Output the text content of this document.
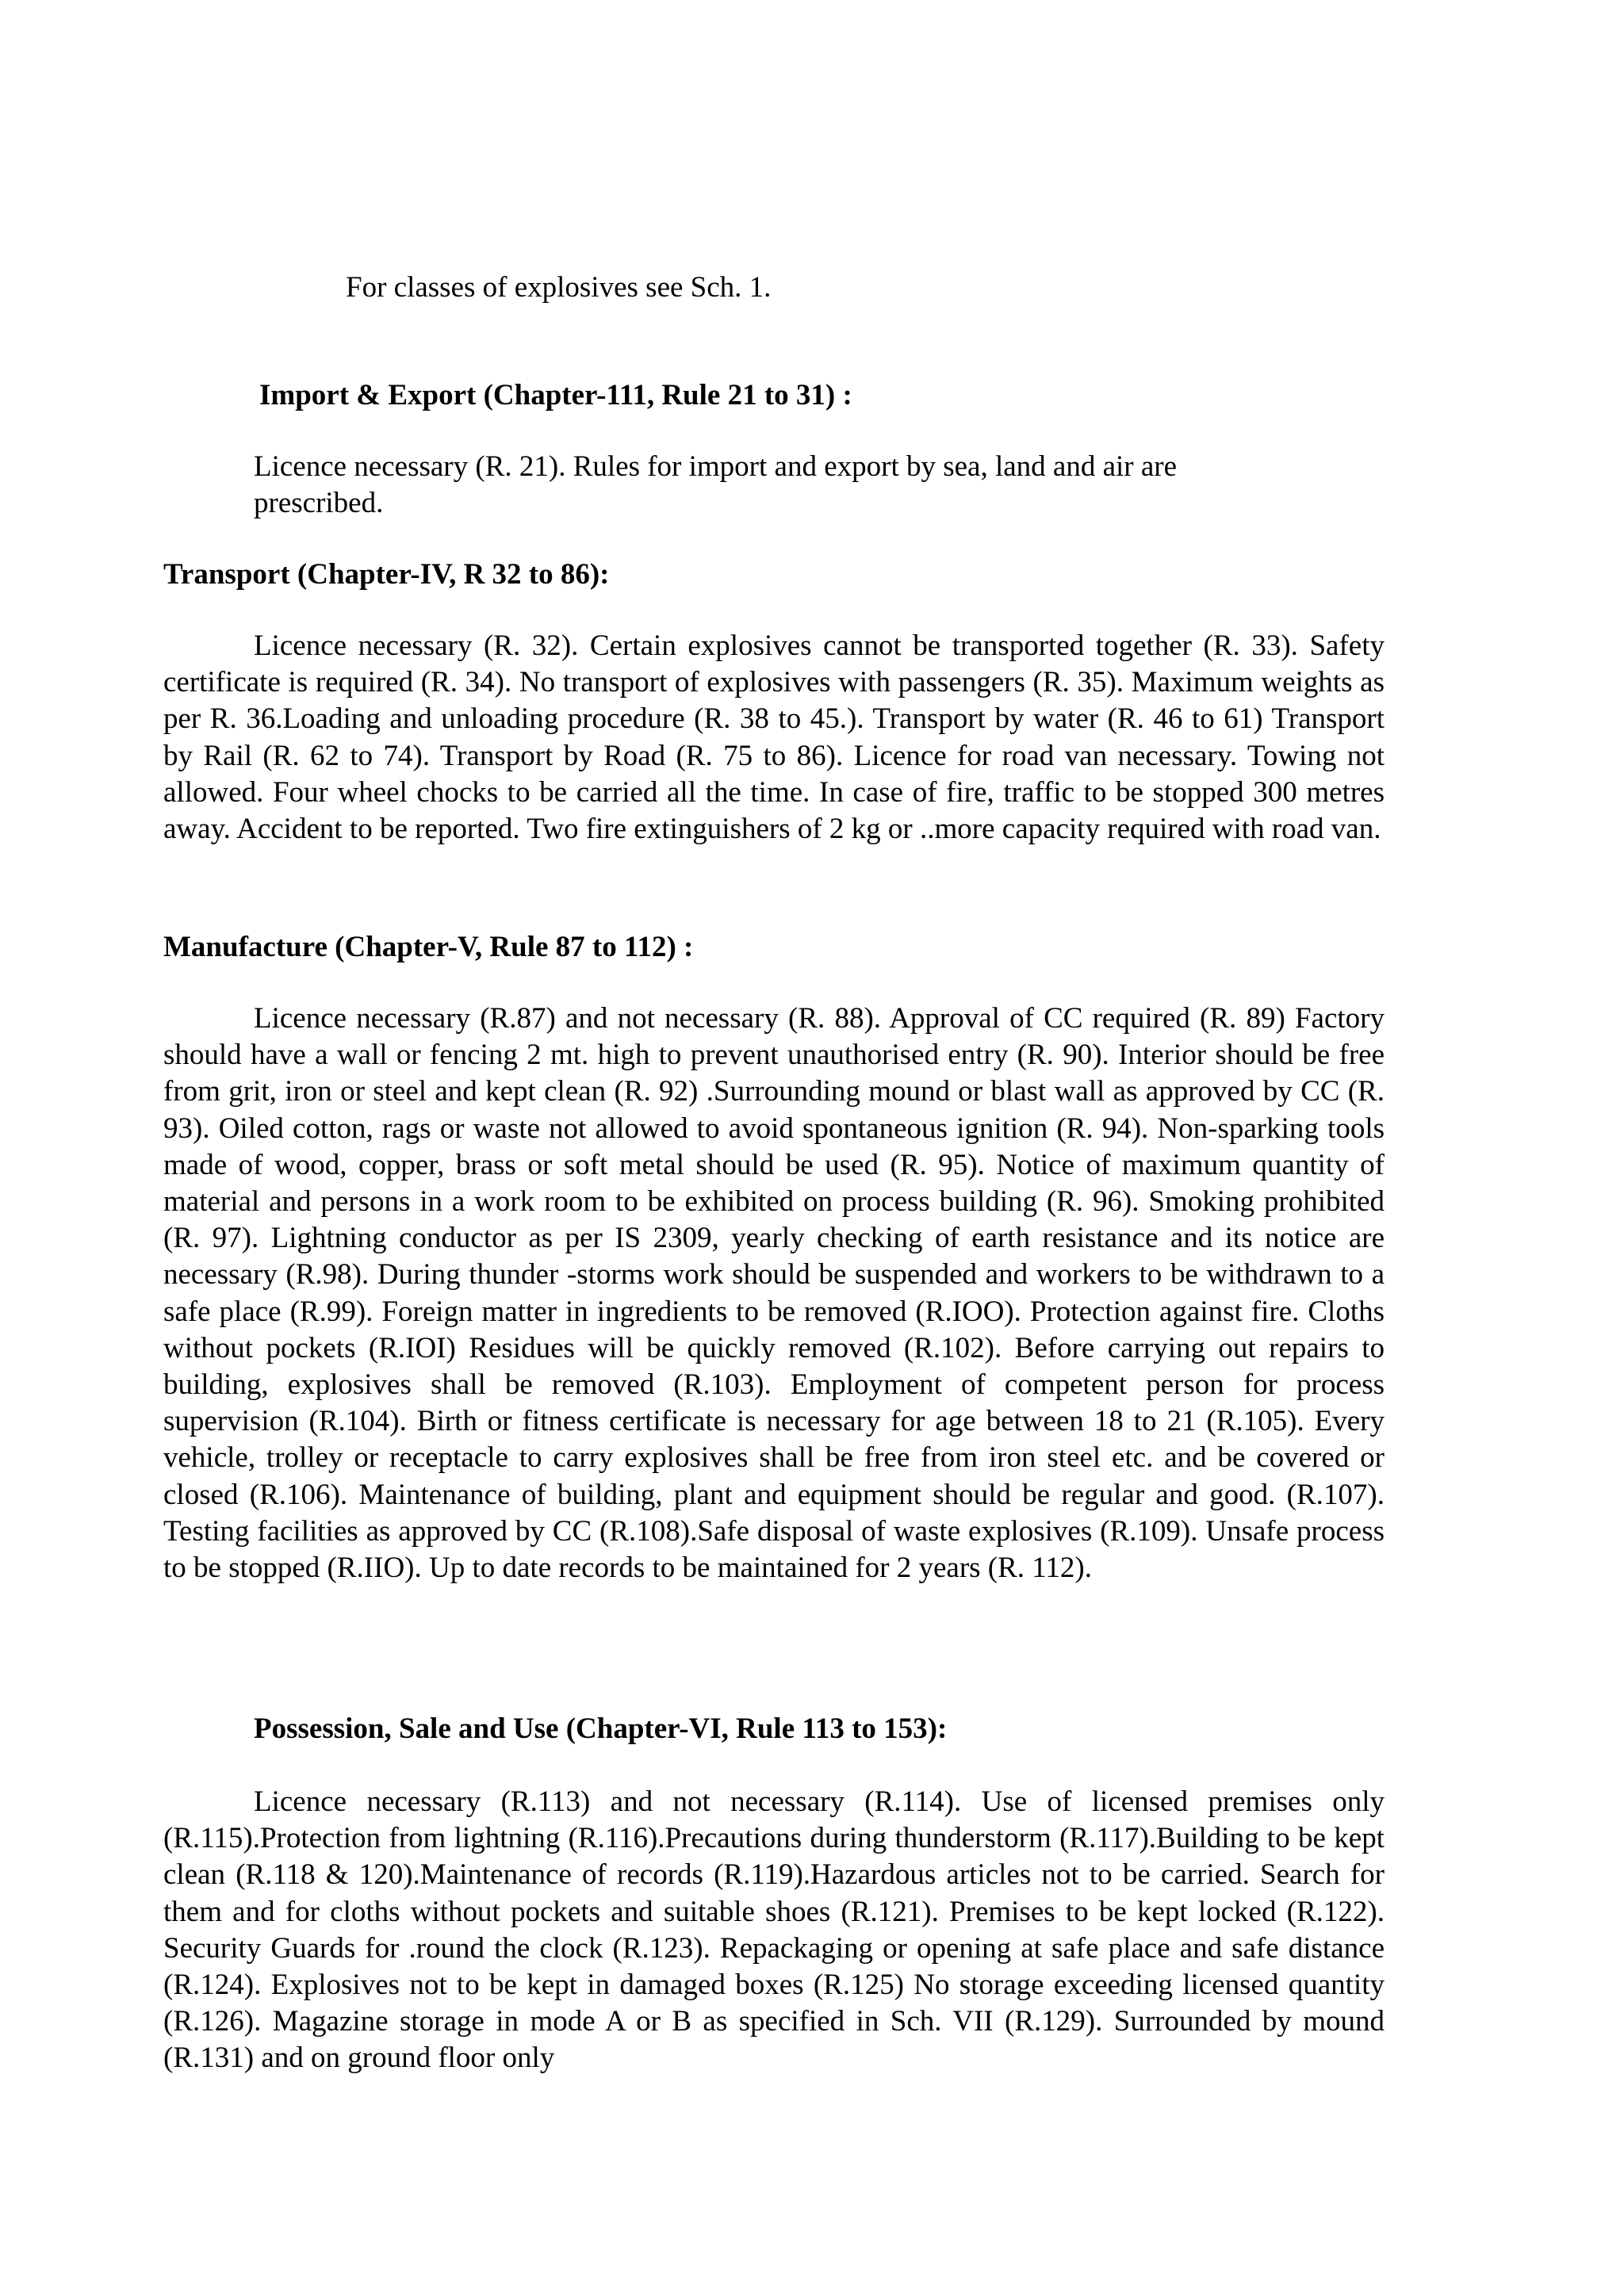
For classes of explosives see Sch. 1.
Import & Export (Chapter-111, Rule 21 to 31) :
Licence necessary (R. 21). Rules for import and export by sea, land and air are prescribed.
Transport (Chapter-IV, R 32 to 86):
Licence necessary (R. 32). Certain explosives cannot be transported together (R. 33). Safety certificate is required (R. 34). No transport of explosives with passengers (R. 35). Maximum weights as per R. 36.Loading and unloading procedure (R. 38 to 45.). Transport by water (R. 46 to 61) Transport by Rail (R. 62 to 74). Transport by Road (R. 75 to 86). Licence for road van necessary. Towing not allowed. Four wheel chocks to be carried all the time. In case of fire, traffic to be stopped 300 metres away. Accident to be reported. Two fire extinguishers of 2 kg or ..more capacity required with road van.
Manufacture (Chapter-V, Rule 87 to 112) :
Licence necessary (R.87) and not necessary (R. 88). Approval of CC required (R. 89) Factory should have a wall or fencing 2 mt. high to prevent unauthorised entry (R. 90). Interior should be free from grit, iron or steel and kept clean (R. 92) .Surrounding mound or blast wall as approved by CC (R. 93). Oiled cotton, rags or waste not allowed to avoid spontaneous ignition (R. 94). Non-sparking tools made of wood, copper, brass or soft metal should be used (R. 95). Notice of maximum quantity of material and persons in a work room to be exhibited on process building (R. 96). Smoking prohibited (R. 97). Lightning conductor as per IS 2309, yearly checking of earth resistance and its notice are necessary (R.98). During thunder -storms work should be suspended and workers to be withdrawn to a safe place (R.99). Foreign matter in ingredients to be removed (R.IOO). Protection against fire. Cloths without pockets (R.IOI) Residues will be quickly removed (R.102). Before carrying out repairs to building, explosives shall be removed (R.103). Employment of competent person for process supervision (R.104). Birth or fitness certificate is necessary for age between 18 to 21 (R.105). Every vehicle, trolley or receptacle to carry explosives shall be free from iron steel etc. and be covered or closed (R.106). Maintenance of building, plant and equipment should be regular and good. (R.107). Testing facilities as approved by CC (R.108).Safe disposal of waste explosives (R.109). Unsafe process to be stopped (R.IIO). Up to date records to be maintained for 2 years (R. 112).
Possession, Sale and Use (Chapter-VI, Rule 113 to 153):
Licence necessary (R.113) and not necessary (R.114). Use of licensed premises only (R.115).Protection from lightning (R.116).Precautions during thunderstorm (R.117).Building to be kept clean (R.118 & 120).Maintenance of records (R.119).Hazardous articles not to be carried. Search for them and for cloths without pockets and suitable shoes (R.121). Premises to be kept locked (R.122). Security Guards for .round the clock (R.123). Repackaging or opening at safe place and safe distance (R.124). Explosives not to be kept in damaged boxes (R.125) No storage exceeding licensed quantity (R.126). Magazine storage in mode A or B as specified in Sch. VII (R.129). Surrounded by mound (R.131) and on ground floor only
